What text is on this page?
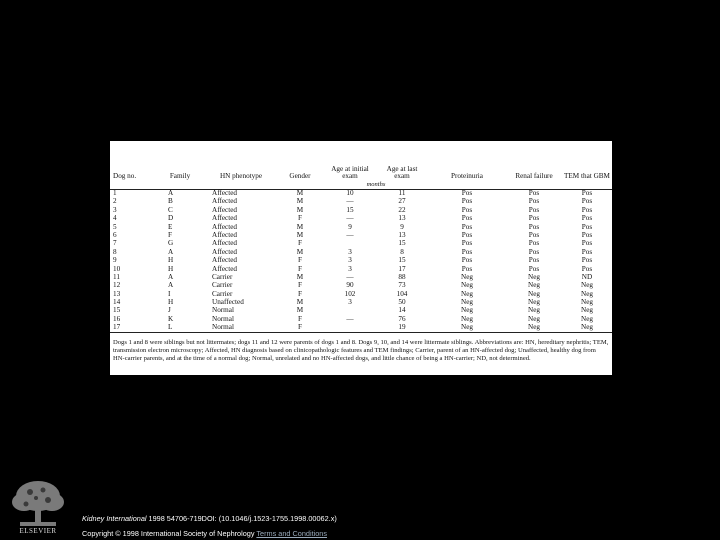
Dog no.	Family	HN phenotype	Gender	Age at initial exam	Age at last exam	Proteinuria	Renal failure	TEM that GBM
				months				
1	A	Affected	M	10	11	Pos	Pos	Pos
2	B	Affected	M	—	27	Pos	Pos	Pos
3	C	Affected	M	15	22	Pos	Pos	Pos
4	D	Affected	F	—	13	Pos	Pos	Pos
5	E	Affected	M	9	9	Pos	Pos	Pos
6	F	Affected	M	—	13	Pos	Pos	Pos
7	G	Affected	F		15	Pos	Pos	Pos
8	A	Affected	M	3	8	Pos	Pos	Pos
9	H	Affected	F	3	15	Pos	Pos	Pos
10	H	Affected	F	3	17	Pos	Pos	Pos
11	A	Carrier	M	—	88	Neg	Neg	ND
12	A	Carrier	F	90	73	Neg	Neg	Neg
13	I	Carrier	F	102	104	Neg	Neg	Neg
14	H	Unaffected	M	3	50	Neg	Neg	Neg
15	J	Normal	M		14	Neg	Neg	Neg
16	K	Normal	F	—	76	Neg	Neg	Neg
17	L	Normal	F		19	Neg	Neg	Neg
Dogs 1 and 8 were siblings but not littermates; dogs 11 and 12 were parents of dogs 1 and 8. Dogs 9, 10, and 14 were littermate siblings. Abbreviations are: HN, hereditary nephritis; TEM, transmission electron microscopy; Affected, HN diagnosis based on clinicopathologic features and TEM findings; Carrier, parent of an HN-affected dog; Unaffected, healthy dog from HN-carrier parents, and at the time of a normal dog; Normal, unrelated and no HN-affected dogs, and little chance of being a HN-carrier; ND, not determined.
ELSEVIER
Kidney International 1998 54706-719DOI: (10.1046/j.1523-1755.1998.00062.x)
Copyright © 1998 International Society of Nephrology Terms and Conditions
